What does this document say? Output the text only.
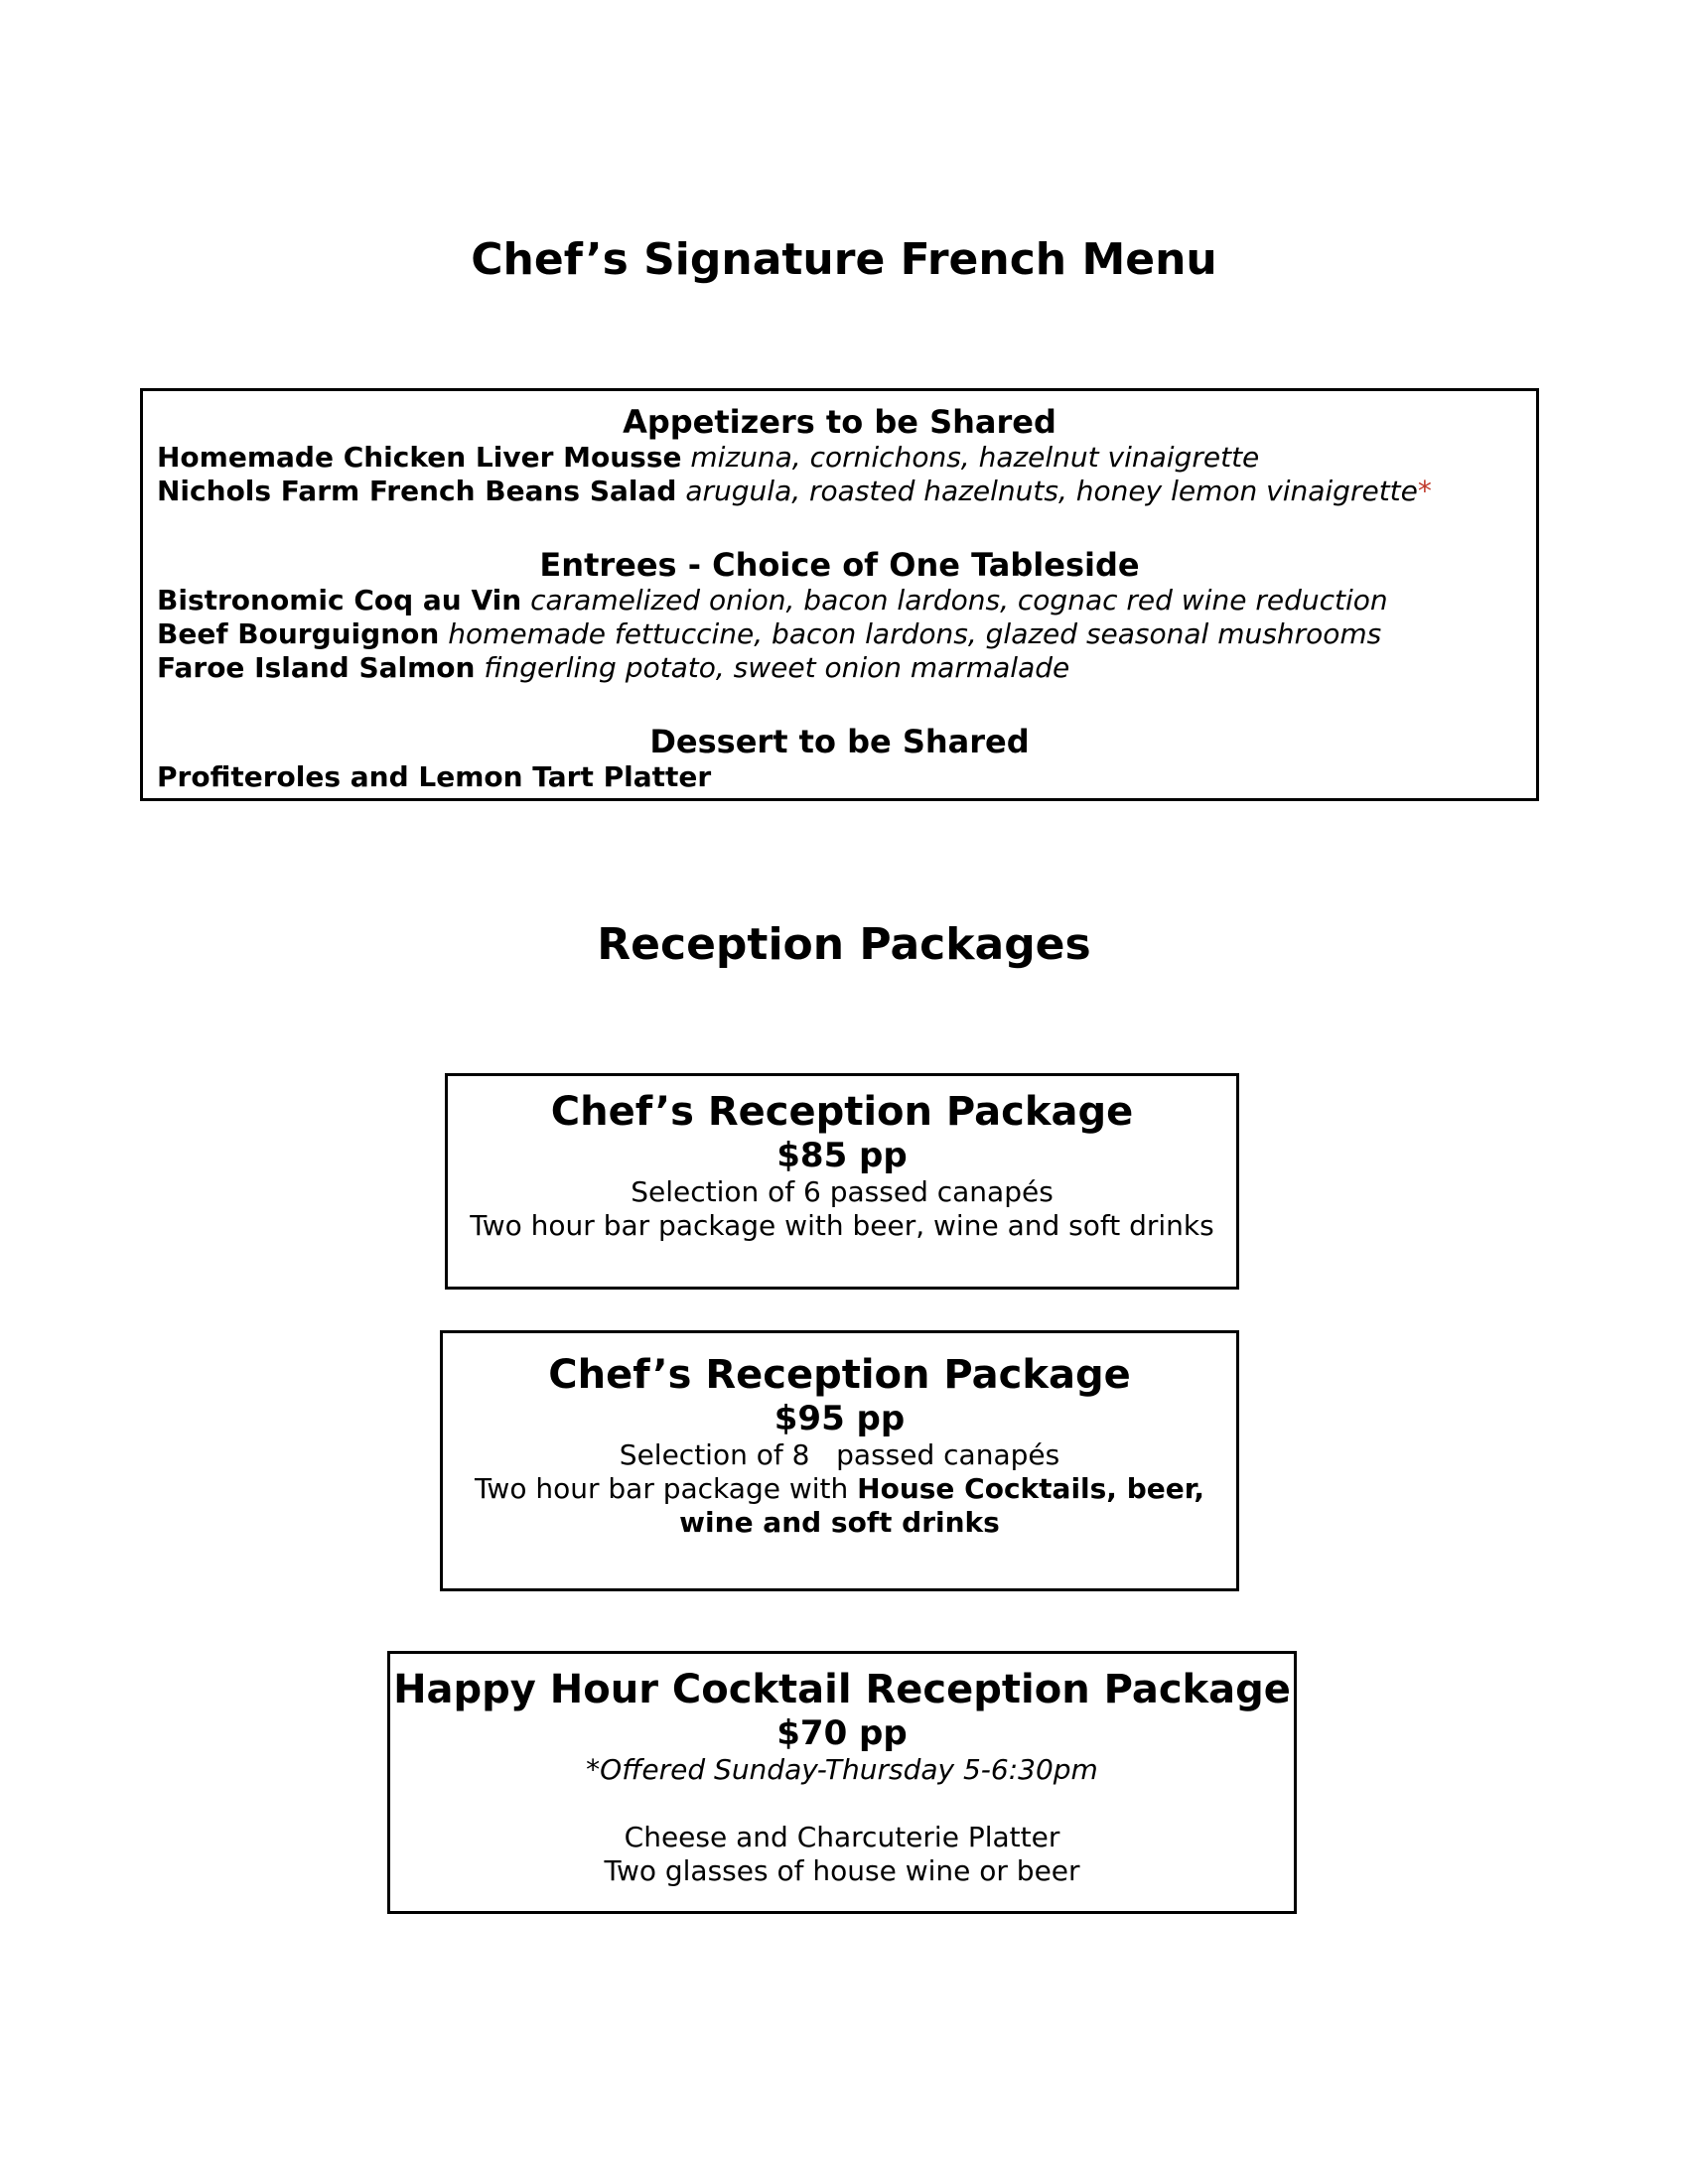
Chef’s Signature French Menu
Appetizers to be Shared
Homemade Chicken Liver Mousse mizuna, cornichons, hazelnut vinaigrette
Nichols Farm French Beans Salad arugula, roasted hazelnuts, honey lemon vinaigrette*
Entrees - Choice of One Tableside
Bistronomic Coq au Vin caramelized onion, bacon lardons, cognac red wine reduction
Beef Bourguignon homemade fettuccine, bacon lardons, glazed seasonal mushrooms
Faroe Island Salmon fingerling potato, sweet onion marmalade
Dessert to be Shared
Profiteroles and Lemon Tart Platter
Reception Packages
Chef’s Reception Package
$85 pp
Selection of 6 passed canapés
Two hour bar package with beer, wine and soft drinks
Chef’s Reception Package
$95 pp
Selection of 8   passed canapés
Two hour bar package with House Cocktails, beer,
wine and soft drinks
Happy Hour Cocktail Reception Package
$70 pp
*Offered Sunday-Thursday 5-6:30pm
Cheese and Charcuterie Platter
Two glasses of house wine or beer
